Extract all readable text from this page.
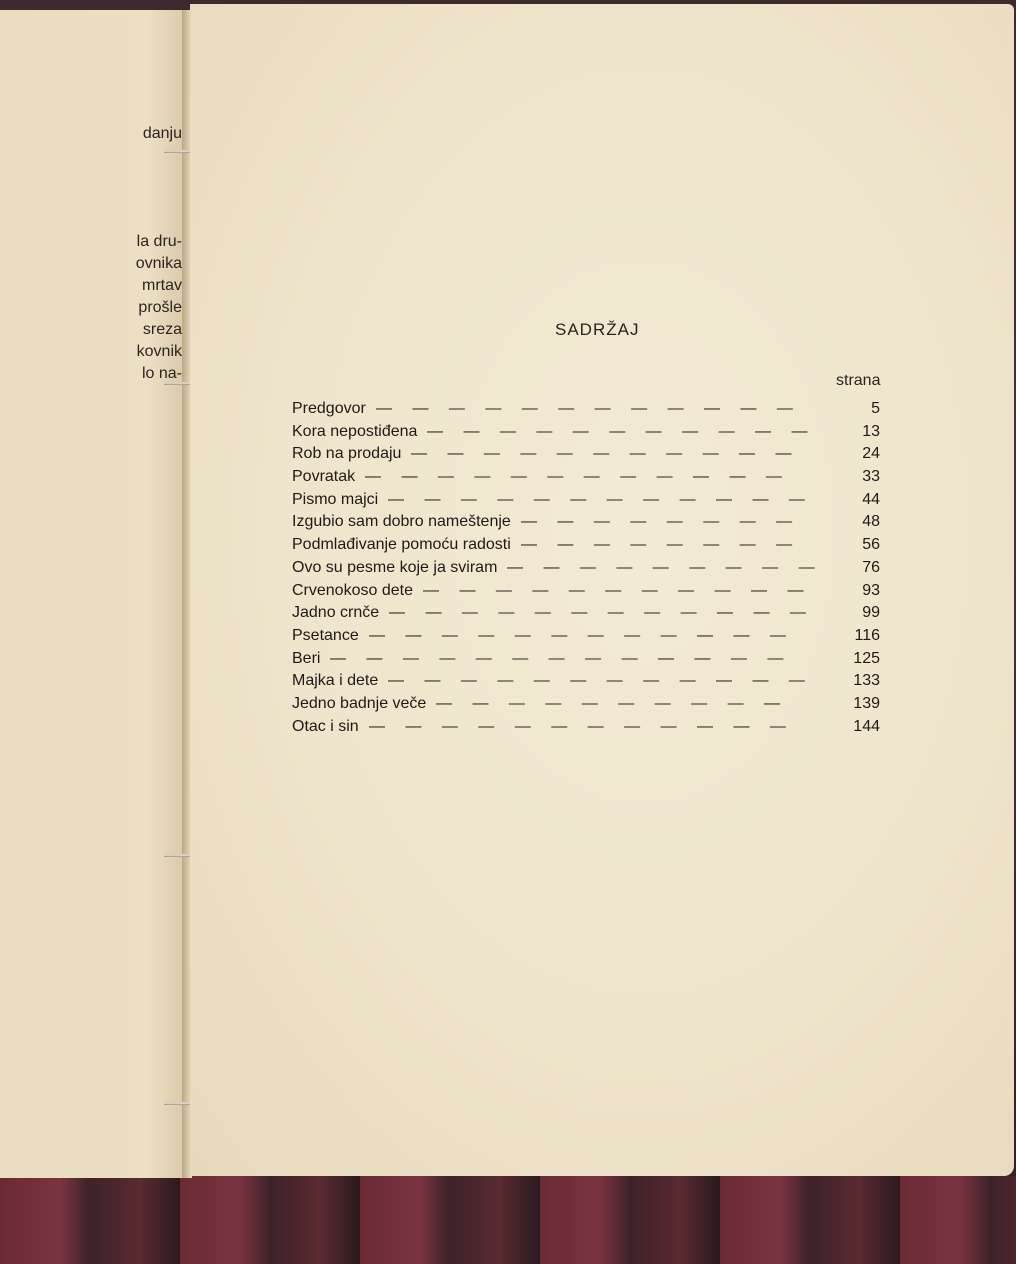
danju
la dru-
ovnika
mrtav
prošle
sreza
kovnik
lo na-
SADRŽAJ
strana
Predgovor — — — — — — — — — — — —	5
Kora nepostiđena — — — — — — — — — — —	13
Rob na prodaju — — — — — — — — — — —	24
Povratak — — — — — — — — — — — —	33
Pismo majci — — — — — — — — — — — —	44
Izgubio sam dobro nameštenje — — — — — — — —	48
Podmlađivanje pomoću radosti — — — — — — — —	56
Ovo su pesme koje ja sviram — — — — — — — — —	76
Crvenokoso dete — — — — — — — — — — —	93
Jadno crnče — — — — — — — — — — — —	99
Psetance — — — — — — — — — — — —	116
Beri — — — — — — — — — — — — —	125
Majka i dete — — — — — — — — — — — —	133
Jedno badnje veče — — — — — — — — — —	139
Otac i sin — — — — — — — — — — — —	144
